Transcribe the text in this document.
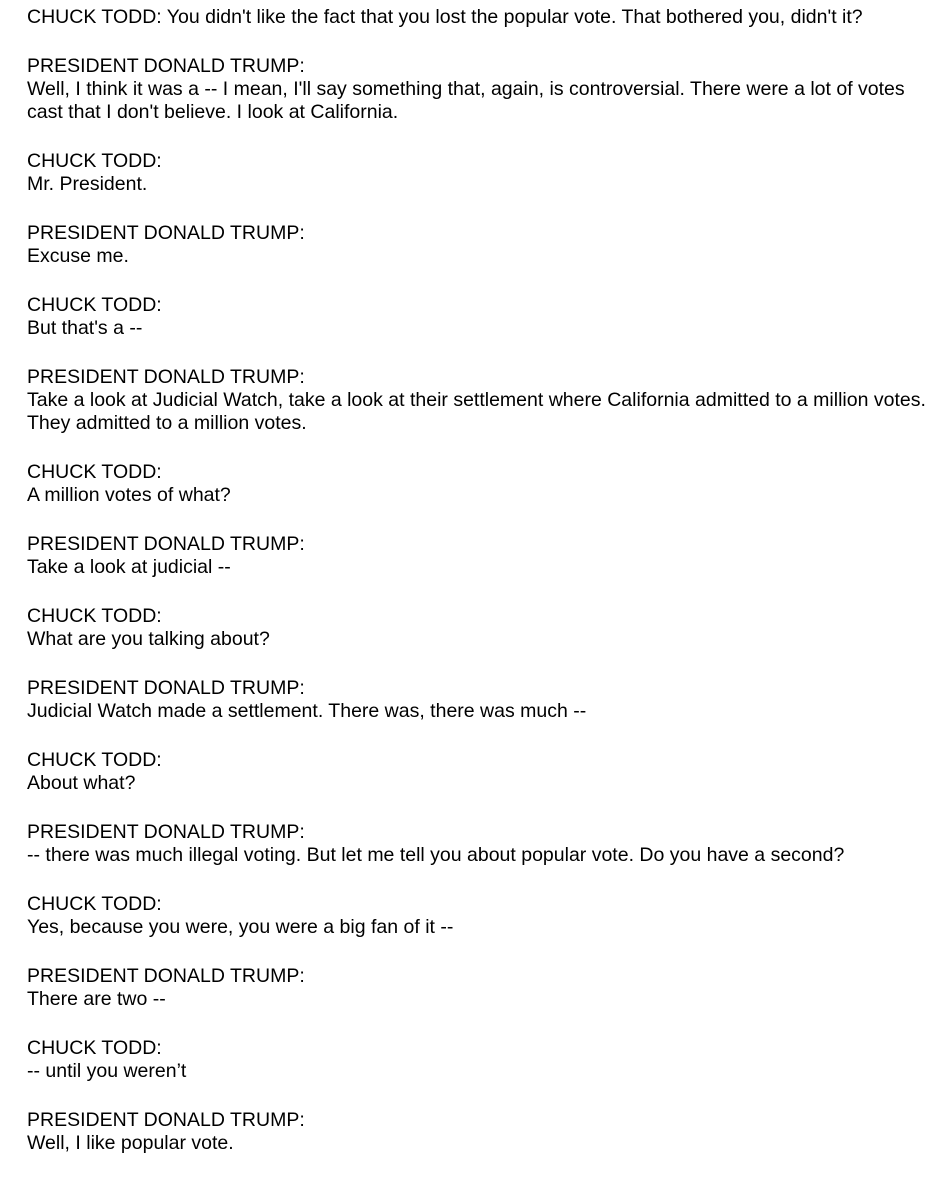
CHUCK TODD: You didn't like the fact that you lost the popular vote. That bothered you, didn't it?
PRESIDENT DONALD TRUMP:
Well, I think it was a -- I mean, I'll say something that, again, is controversial. There were a lot of votes cast that I don't believe. I look at California.
CHUCK TODD:
Mr. President.
PRESIDENT DONALD TRUMP:
Excuse me.
CHUCK TODD:
But that's a --
PRESIDENT DONALD TRUMP:
Take a look at Judicial Watch, take a look at their settlement where California admitted to a million votes. They admitted to a million votes.
CHUCK TODD:
A million votes of what?
PRESIDENT DONALD TRUMP:
Take a look at judicial --
CHUCK TODD:
What are you talking about?
PRESIDENT DONALD TRUMP:
Judicial Watch made a settlement. There was, there was much --
CHUCK TODD:
About what?
PRESIDENT DONALD TRUMP:
-- there was much illegal voting. But let me tell you about popular vote. Do you have a second?
CHUCK TODD:
Yes, because you were, you were a big fan of it --
PRESIDENT DONALD TRUMP:
There are two --
CHUCK TODD:
-- until you weren’t
PRESIDENT DONALD TRUMP:
Well, I like popular vote.
